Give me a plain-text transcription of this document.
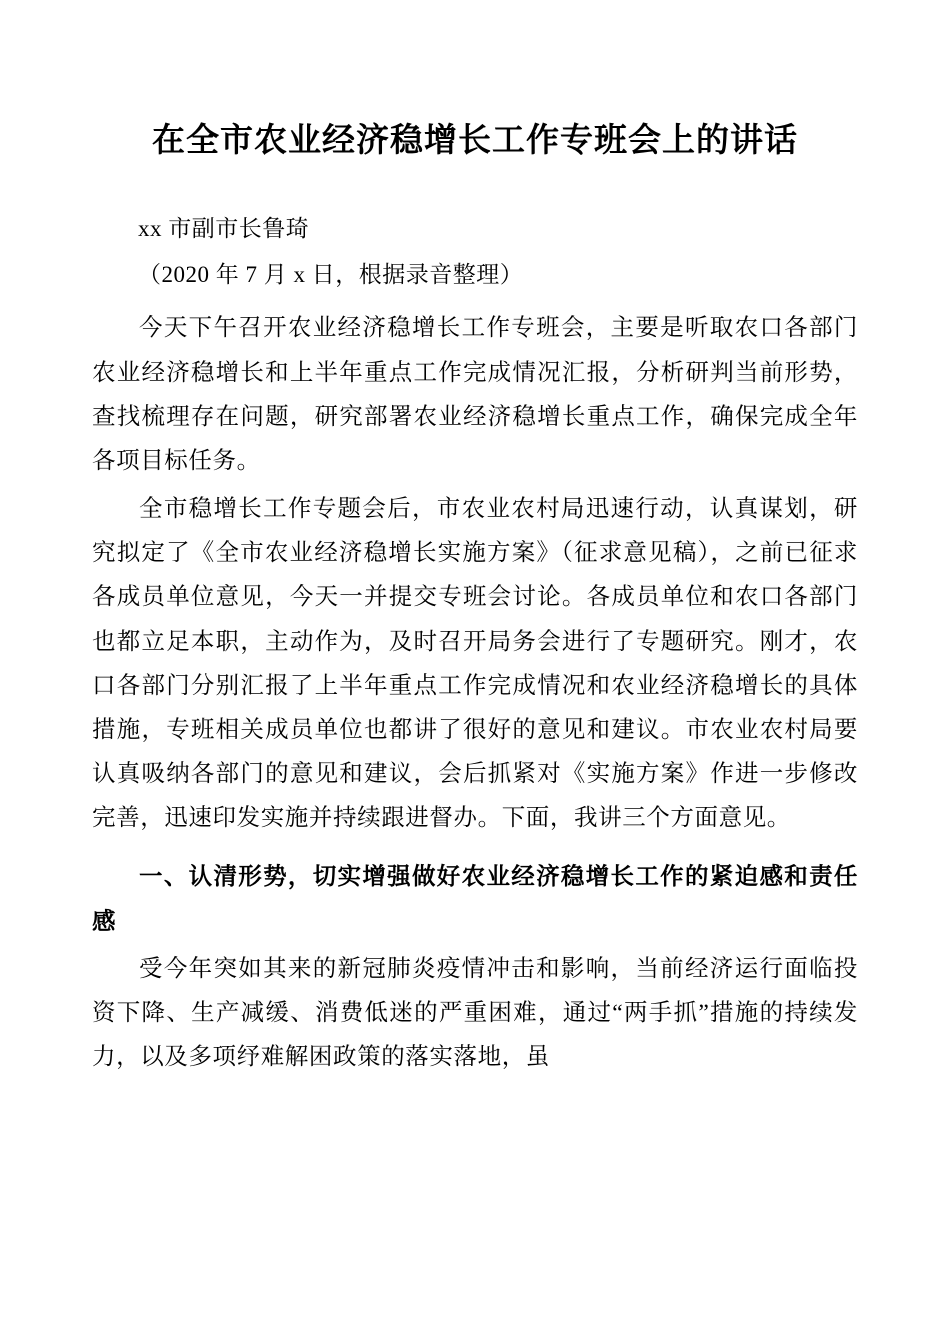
在全市农业经济稳增长工作专班会上的讲话
xx 市副市长鲁琦
（2020 年 7 月 x 日，根据录音整理）

今天下午召开农业经济稳增长工作专班会，主要是听取农口各部门农业经济稳增长和上半年重点工作完成情况汇报，分析研判当前形势，查找梳理存在问题，研究部署农业经济稳增长重点工作，确保完成全年各项目标任务。

全市稳增长工作专题会后，市农业农村局迅速行动，认真谋划，研究拟定了《全市农业经济稳增长实施方案》（征求意见稿），之前已征求各成员单位意见，今天一并提交专班会讨论。各成员单位和农口各部门也都立足本职，主动作为，及时召开局务会进行了专题研究。刚才，农口各部门分别汇报了上半年重点工作完成情况和农业经济稳增长的具体措施，专班相关成员单位也都讲了很好的意见和建议。市农业农村局要认真吸纳各部门的意见和建议，会后抓紧对《实施方案》作进一步修改完善，迅速印发实施并持续跟进督办。下面，我讲三个方面意见。

一、认清形势，切实增强做好农业经济稳增长工作的紧迫感和责任感

受今年突如其来的新冠肺炎疫情冲击和影响，当前经济运行面临投资下降、生产减缓、消费低迷的严重困难，通过“两手抓”措施的持续发力，以及多项纾难解困政策的落实落地，虽
